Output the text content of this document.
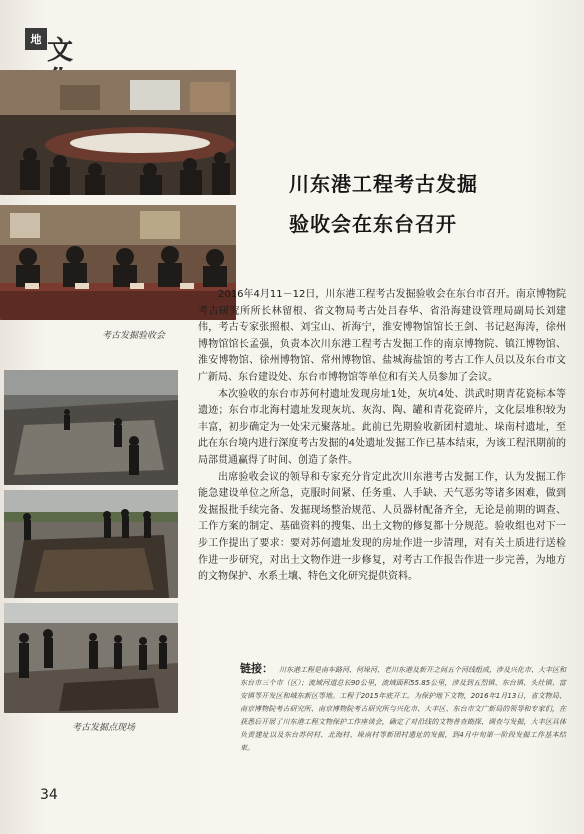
地 文
考古发掘验收会
考古发掘点现场
川东港工程考古发掘
验收会在东台召开

2016年4月11－12日，川东港工程考古发掘验收会在东台市召开。南京博物院考古研究所所长林留根、省文物局考古处吕春华、省沿海建设管理局副局长刘建伟，考古专家张照根、刘宝山、祈海宁，淮安博物馆馆长王剑、书记赵海涛，徐州博物馆馆长孟强，负责本次川东港工程考古发掘工作的南京博物院、镇江博物馆、淮安博物馆、徐州博物馆、常州博物馆、盐城海盐馆的考古工作人员以及东台市文广新局、东台建设处、东台市博物馆等单位和有关人员参加了会议。

本次验收的东台市苏何村遗址发现房址1处，灰坑4处、洪武时期青花瓷标本等遗迹；东台市北海村遗址发现灰坑、灰沟、陶、罐和青花瓷碎片，文化层堆积较为丰富，初步确定为一处宋元聚落址。此前已先期验收新团村遗址、垛南村遗址，至此在东台境内进行深度考古发掘的4处遗址发掘工作已基本结束，为该工程汛期前的局部贯通赢得了时间、创造了条件。

出席验收会议的领导和专家充分肯定此次川东港考古发掘工作，认为发掘工作能急建设单位之所急，克服时间紧、任务重、人手缺、天气恶劣等诸多困难，做到发掘报批手续完备、发掘现场整治规范、人员器材配备齐全，无论是前期的调查、工作方案的制定、基础资料的搜集、出土文物的修复都十分规范。验收组也对下一步工作提出了要求：要对苏何遗址发现的房址作进一步清理，对有关土质进行送检作进一步研究，对出土文物作进一步修复，对考古工作报告作进一步完善，为地方的文物保护、水系土壤、特色文化研究提供资料。

链接： 川东港工程是南车路河、何垛河、老川东港及新开之间五个河线组成，涉及兴化市、大丰区和东台市三个市（区）；流域河道总长90公里，流域面积55.85公里，涉及到五烈镇、东台镇、头灶镇、富安镇等开发区和城东新区等地。工程于2015年底开工。为保护地下文物，2016年1月13日，省文物局、南京博物院考古研究所、南京博物院考古研究所与兴化市、大丰区、东台市文广新局的领导和专家们，在获悉后开展了川东港工程文物保护工作座谈会，确定了对沿线的文物普查勘探、调查与发掘，大丰区具体负责建址以及东台苏何村、北海村、垛南村等新团村遗址的发掘，到4月中旬第一阶段发掘工作基本结束。
34
